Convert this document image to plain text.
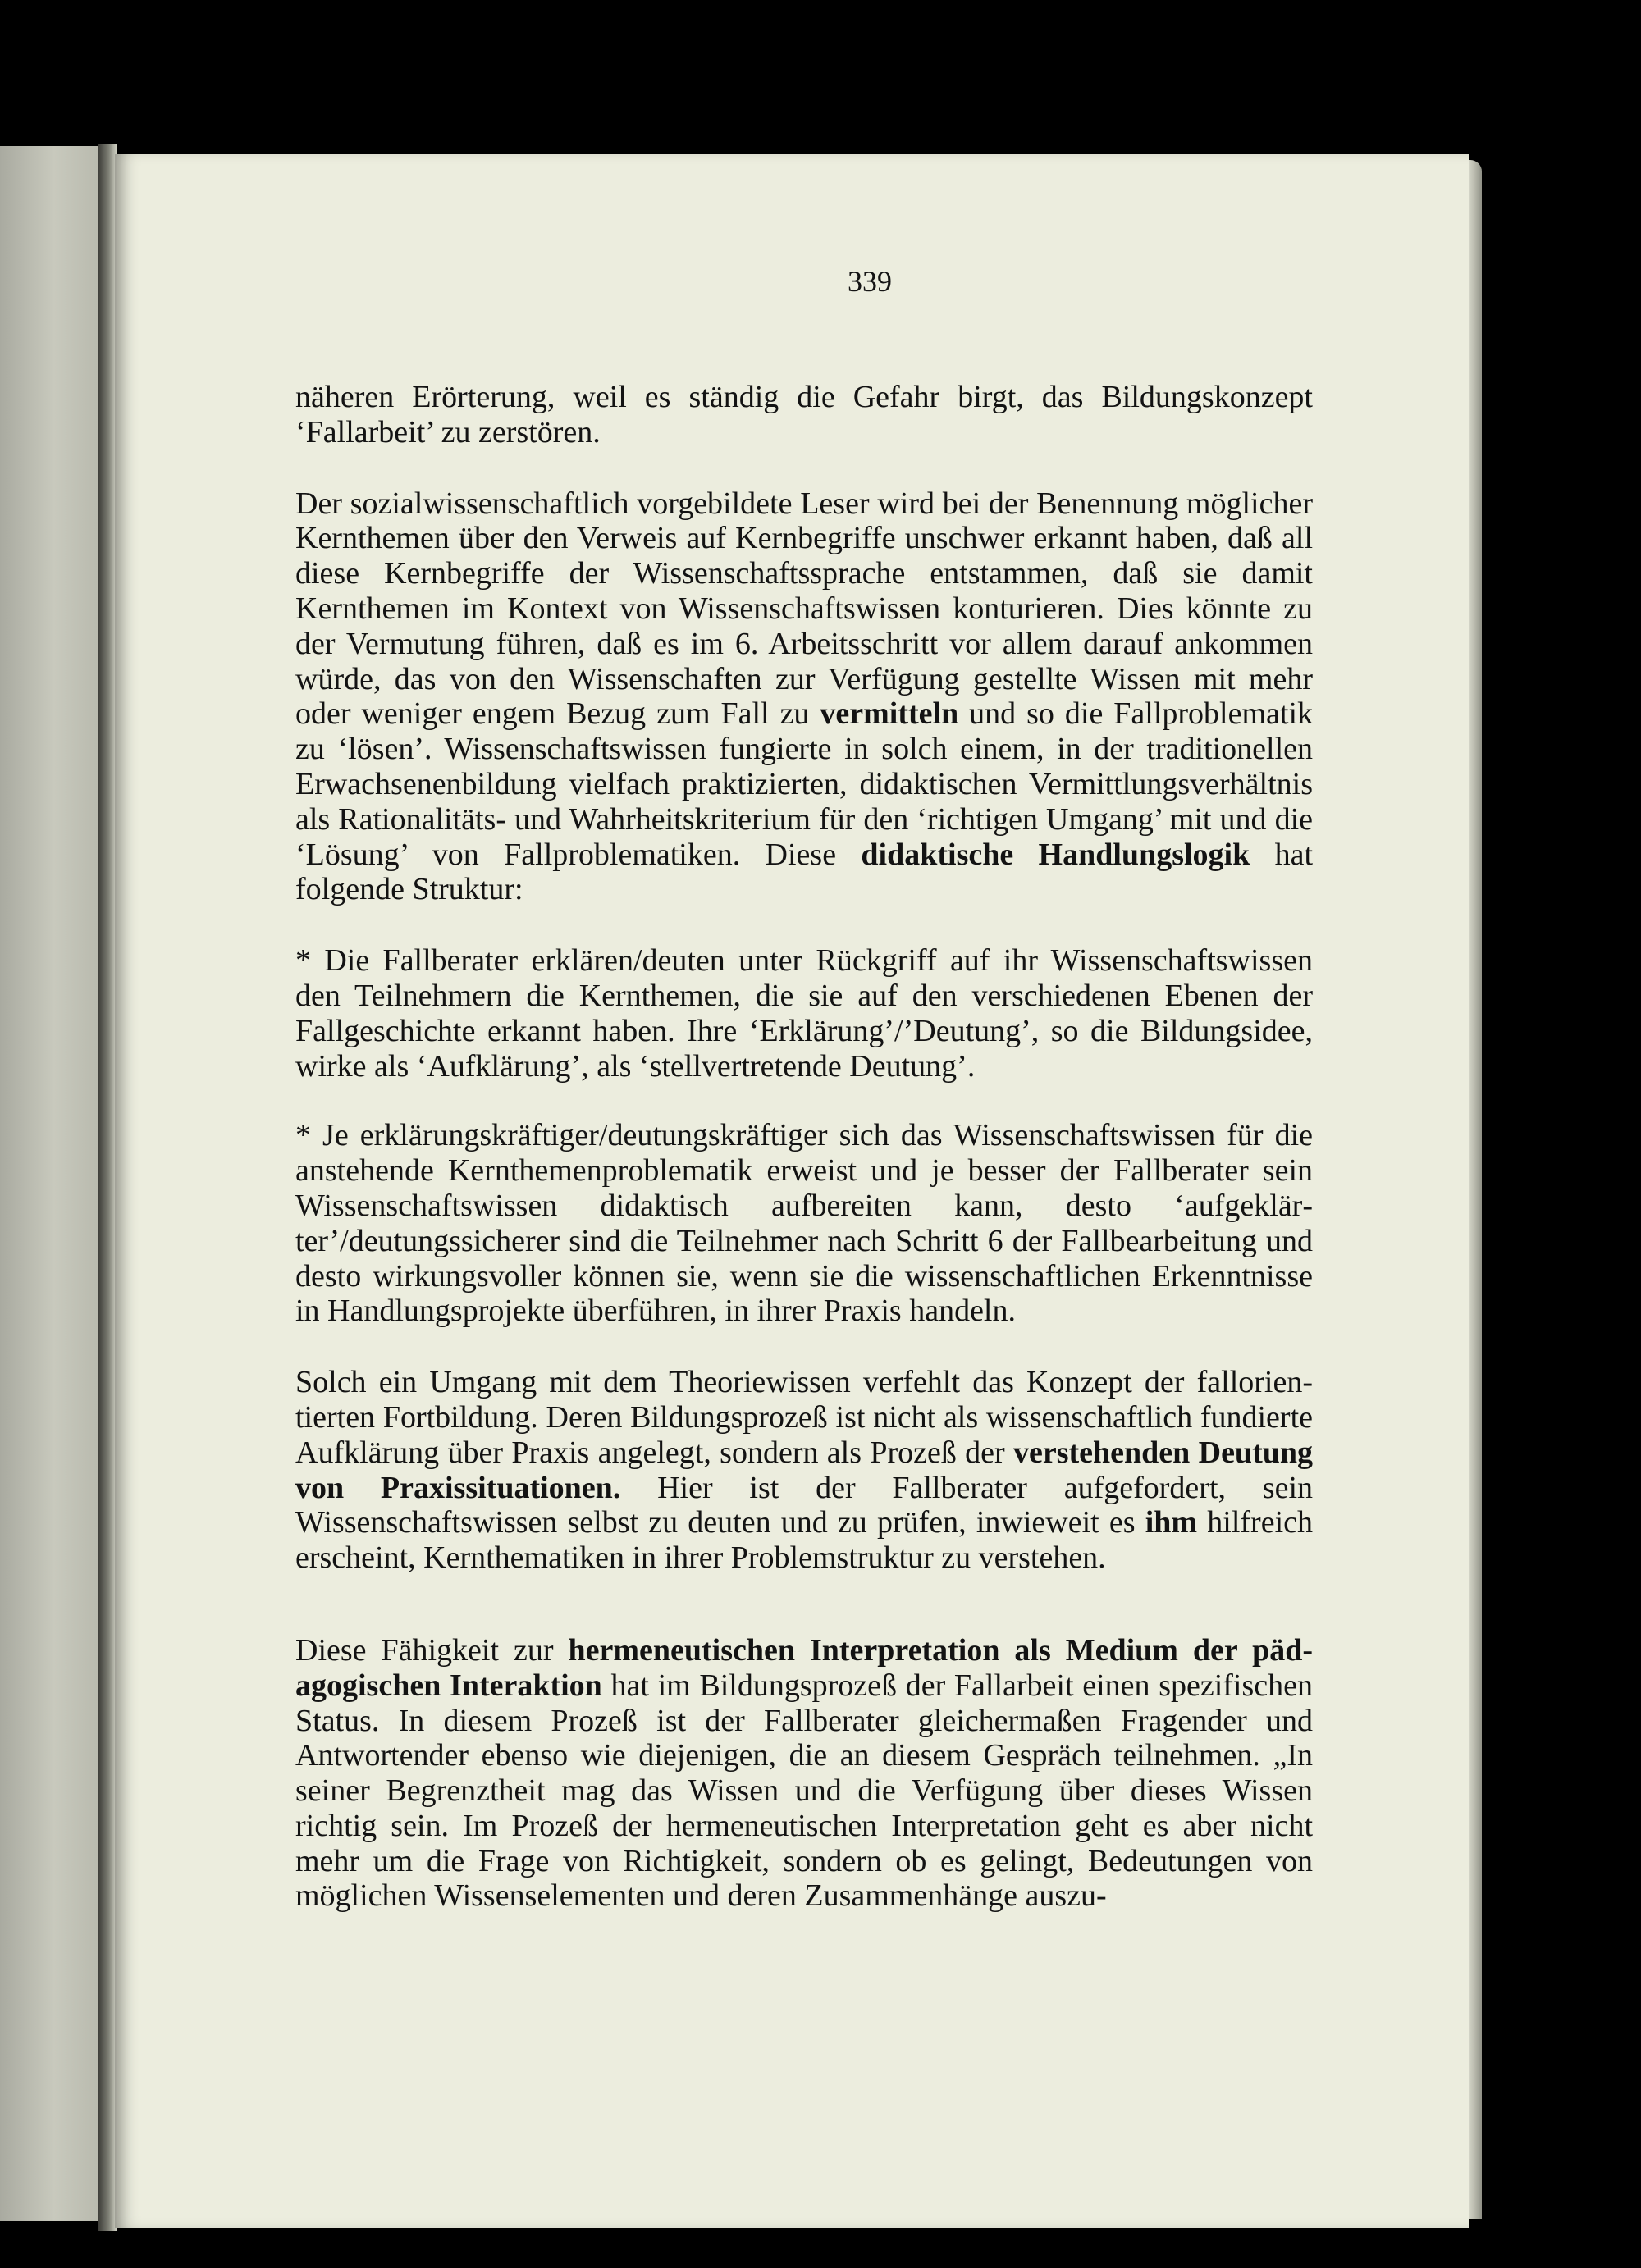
339

näheren Erörterung, weil es ständig die Gefahr birgt, das Bildungskonzept ‘Fallarbeit’ zu zerstören.

Der sozialwissenschaftlich vorgebildete Leser wird bei der Benennung möglicher Kernthemen über den Verweis auf Kernbegriffe unschwer erkannt haben, daß all diese Kernbegriffe der Wissenschaftssprache entstammen, daß sie damit Kernthemen im Kontext von Wissenschaftswissen konturieren. Dies könnte zu der Vermutung führen, daß es im 6. Arbeitsschritt vor allem darauf ankommen würde, das von den Wissenschaften zur Verfügung gestellte Wissen mit mehr oder weniger engem Bezug zum Fall zu vermitteln und so die Fallproblematik zu ‘lösen’. Wissenschaftswissen fungierte in solch einem, in der traditionellen Erwachsenenbildung vielfach praktizierten, didaktischen Vermittlungsverhältnis als Rationalitäts- und Wahrheitskriterium für den ‘richtigen Umgang’ mit und die ‘Lösung’ von Fallproblematiken. Diese didaktische Handlungslogik hat folgende Struktur:

* Die Fallberater erklären/deuten unter Rückgriff auf ihr Wissenschaftswissen den Teilnehmern die Kernthemen, die sie auf den verschiedenen Ebenen der Fallgeschichte erkannt haben. Ihre ‘Erklärung’/’Deutung’, so die Bildungsidee, wirke als ‘Aufklärung’, als ‘stellvertretende Deutung’.

* Je erklärungskräftiger/deutungskräftiger sich das Wissenschaftswissen für die anstehende Kernthemenproblematik erweist und je besser der Fallberater sein Wissenschaftswissen didaktisch aufbereiten kann, desto ‘aufgeklärter’/deutungssicherer sind die Teilnehmer nach Schritt 6 der Fallbearbeitung und desto wirkungsvoller können sie, wenn sie die wissenschaftlichen Erkenntnisse in Handlungsprojekte überführen, in ihrer Praxis handeln.

Solch ein Umgang mit dem Theoriewissen verfehlt das Konzept der fallorientierten Fortbildung. Deren Bildungsprozeß ist nicht als wissenschaftlich fundierte Aufklärung über Praxis angelegt, sondern als Prozeß der verstehenden Deutung von Praxissituationen. Hier ist der Fallberater aufgefordert, sein Wissenschaftswissen selbst zu deuten und zu prüfen, inwieweit es ihm hilfreich erscheint, Kernthematiken in ihrer Problemstruktur zu verstehen.

Diese Fähigkeit zur hermeneutischen Interpretation als Medium der pädagogischen Interaktion hat im Bildungsprozeß der Fallarbeit einen spezifischen Status. In diesem Prozeß ist der Fallberater gleichermaßen Fragender und Antwortender ebenso wie diejenigen, die an diesem Gespräch teilnehmen. „In seiner Begrenztheit mag das Wissen und die Verfügung über dieses Wissen richtig sein. Im Prozeß der hermeneutischen Interpretation geht es aber nicht mehr um die Frage von Richtigkeit, sondern ob es gelingt, Bedeutungen von möglichen Wissenselementen und deren Zusammenhänge auszu-
